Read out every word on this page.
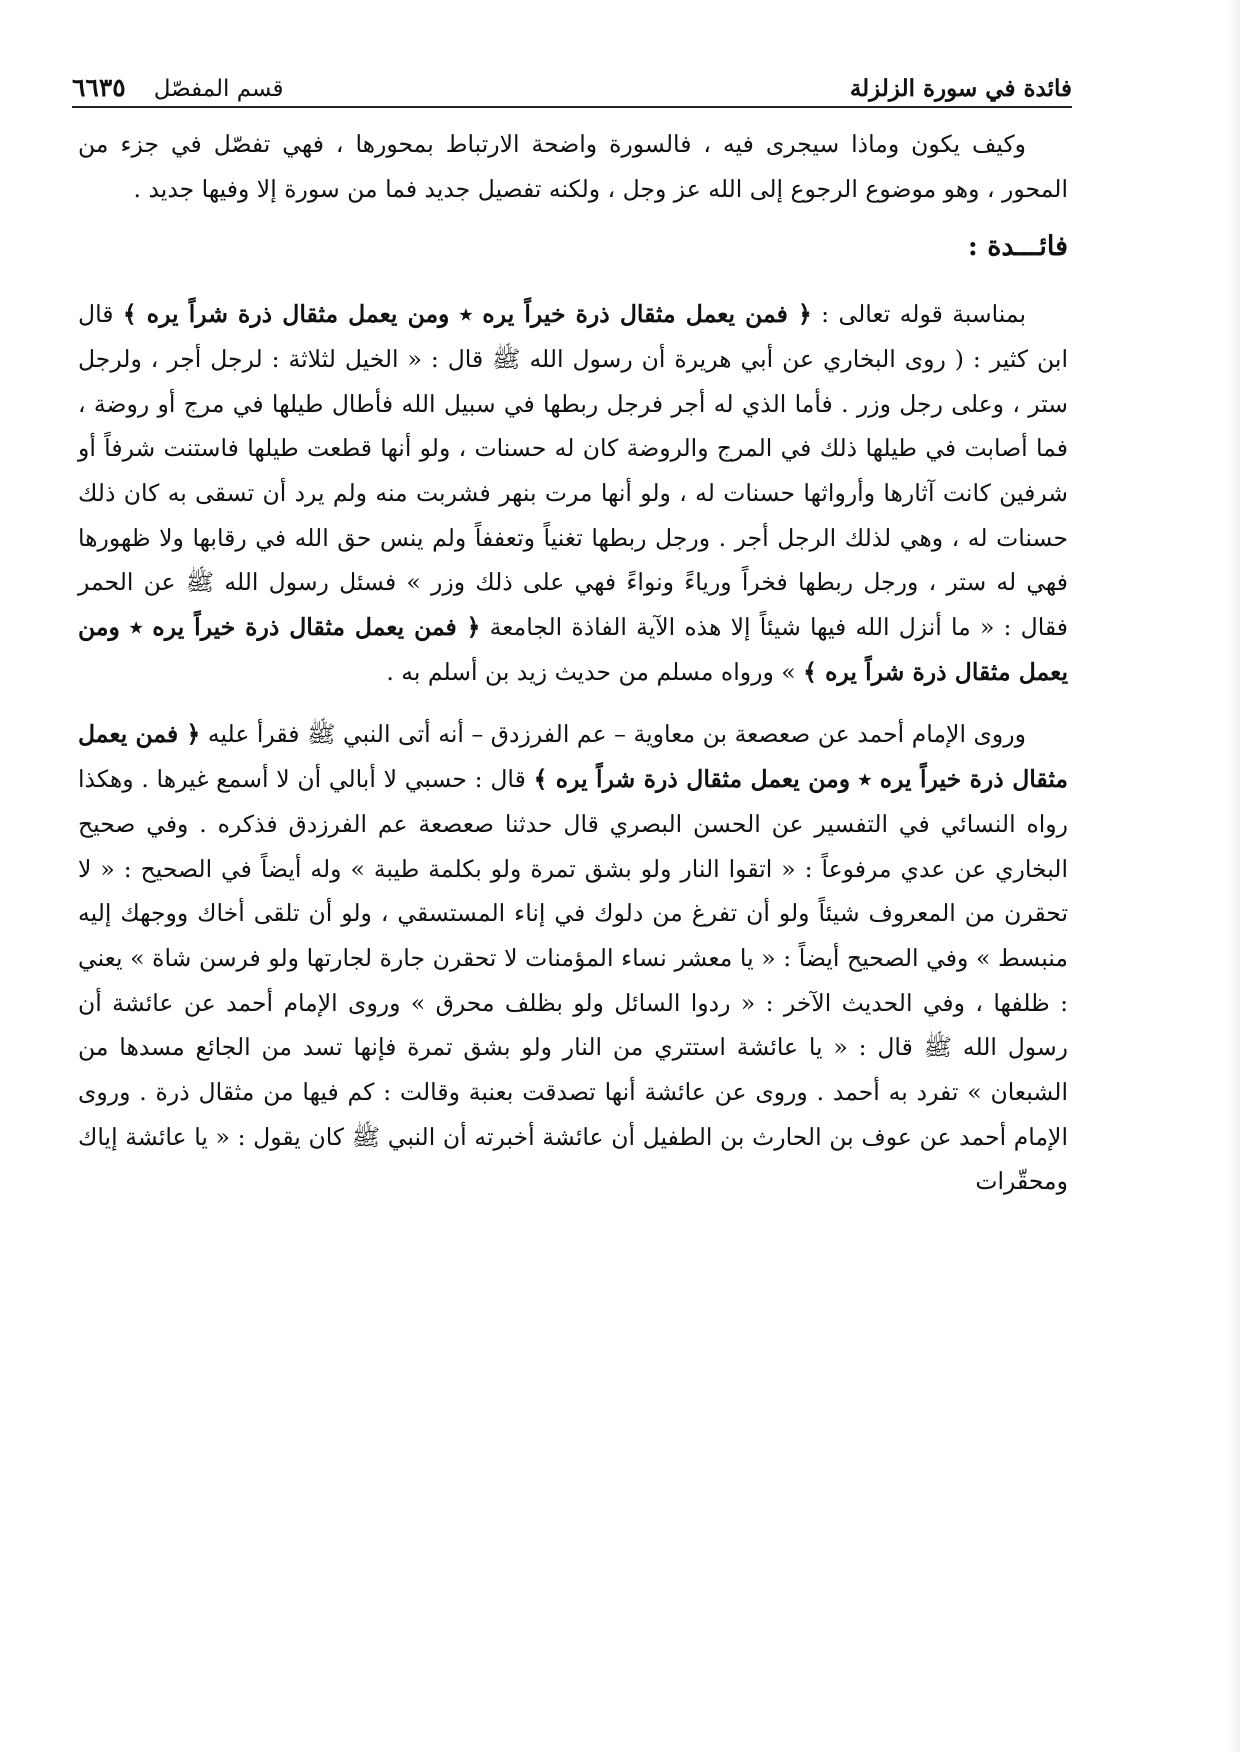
فائدة في سورة الزلزلة
قسم المفصّل
٦٦٣٥

وكيف يكون وماذا سيجرى فيه ، فالسورة واضحة الارتباط بمحورها ، فهي تفصّل في جزء من المحور ، وهو موضوع الرجوع إلى الله عز وجل ، ولكنه تفصيل جديد فما من سورة إلا وفيها جديد .

فائـــدة :

بمناسبة قوله تعالى : ﴿ فمن يعمل مثقال ذرة خيراً يره ٭ ومن يعمل مثقال ذرة شراً يره ﴾ قال ابن كثير : ( روى البخاري عن أبي هريرة أن رسول الله ﷺ قال : « الخيل لثلاثة : لرجل أجر ، ولرجل ستر ، وعلى رجل وزر . فأما الذي له أجر فرجل ربطها في سبيل الله فأطال طيلها في مرج أو روضة ، فما أصابت في طيلها ذلك في المرج والروضة كان له حسنات ، ولو أنها قطعت طيلها فاستنت شرفاً أو شرفين كانت آثارها وأرواثها حسنات له ، ولو أنها مرت بنهر فشربت منه ولم يرد أن تسقى به كان ذلك حسنات له ، وهي لذلك الرجل أجر . ورجل ربطها تغنياً وتعففاً ولم ينس حق الله في رقابها ولا ظهورها فهي له ستر ، ورجل ربطها فخراً ورياءً ونواءً فهي على ذلك وزر » فسئل رسول الله ﷺ عن الحمر فقال : « ما أنزل الله فيها شيئاً إلا هذه الآية الفاذة الجامعة ﴿ فمن يعمل مثقال ذرة خيراً يره ٭ ومن يعمل مثقال ذرة شراً يره ﴾ » ورواه مسلم من حديث زيد بن أسلم به .

وروى الإمام أحمد عن صعصعة بن معاوية – عم الفرزدق – أنه أتى النبي ﷺ فقرأ عليه ﴿ فمن يعمل مثقال ذرة خيراً يره ٭ ومن يعمل مثقال ذرة شراً يره ﴾ قال : حسبي لا أبالي أن لا أسمع غيرها . وهكذا رواه النسائي في التفسير عن الحسن البصري قال حدثنا صعصعة عم الفرزدق فذكره . وفي صحيح البخاري عن عدي مرفوعاً : « اتقوا النار ولو بشق تمرة ولو بكلمة طيبة » وله أيضاً في الصحيح : « لا تحقرن من المعروف شيئاً ولو أن تفرغ من دلوك في إناء المستسقي ، ولو أن تلقى أخاك ووجهك إليه منبسط » وفي الصحيح أيضاً : « يا معشر نساء المؤمنات لا تحقرن جارة لجارتها ولو فرسن شاة » يعني : ظلفها ، وفي الحديث الآخر : « ردوا السائل ولو بظلف محرق » وروى الإمام أحمد عن عائشة أن رسول الله ﷺ قال : « يا عائشة استتري من النار ولو بشق تمرة فإنها تسد من الجائع مسدها من الشبعان » تفرد به أحمد . وروى عن عائشة أنها تصدقت بعنبة وقالت : كم فيها من مثقال ذرة . وروى الإمام أحمد عن عوف بن الحارث بن الطفيل أن عائشة أخبرته أن النبي ﷺ كان يقول : « يا عائشة إياك ومحقّرات
